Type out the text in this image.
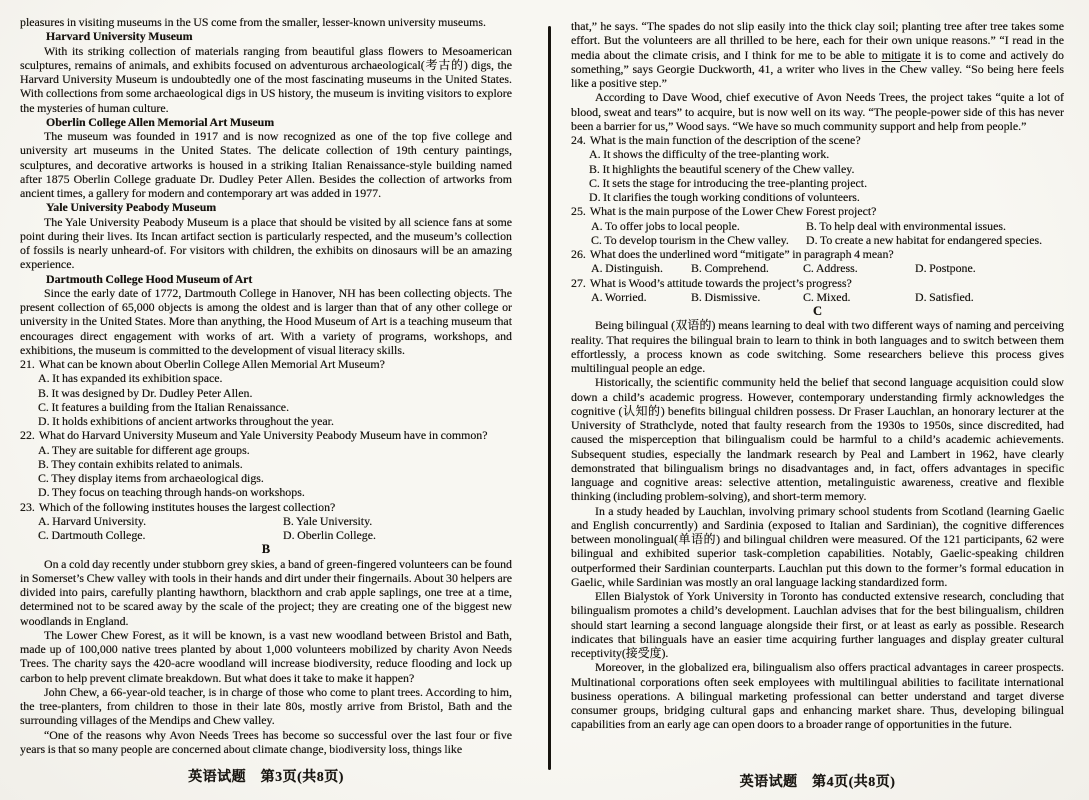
pleasures in visiting museums in the US come from the smaller, lesser-known university museums.

Harvard University Museum

With its striking collection of materials ranging from beautiful glass flowers to Mesoamerican sculptures, remains of animals, and exhibits focused on adventurous archaeological(考古的) digs, the Harvard University Museum is undoubtedly one of the most fascinating museums in the United States. With collections from some archaeological digs in US history, the museum is inviting visitors to explore the mysteries of human culture.

Oberlin College Allen Memorial Art Museum

The museum was founded in 1917 and is now recognized as one of the top five college and university art museums in the United States. The delicate collection of 19th century paintings, sculptures, and decorative artworks is housed in a striking Italian Renaissance-style building named after 1875 Oberlin College graduate Dr. Dudley Peter Allen. Besides the collection of artworks from ancient times, a gallery for modern and contemporary art was added in 1977.

Yale University Peabody Museum

The Yale University Peabody Museum is a place that should be visited by all science fans at some point during their lives. Its Incan artifact section is particularly respected, and the museum’s collection of fossils is nearly unheard-of. For visitors with children, the exhibits on dinosaurs will be an amazing experience.

Dartmouth College Hood Museum of Art

Since the early date of 1772, Dartmouth College in Hanover, NH has been collecting objects. The present collection of 65,000 objects is among the oldest and is larger than that of any other college or university in the United States. More than anything, the Hood Museum of Art is a teaching museum that encourages direct engagement with works of art. With a variety of programs, workshops, and exhibitions, the museum is committed to the development of visual literacy skills.

21. What can be known about Oberlin College Allen Memorial Art Museum?
A. It has expanded its exhibition space.
B. It was designed by Dr. Dudley Peter Allen.
C. It features a building from the Italian Renaissance.
D. It holds exhibitions of ancient artworks throughout the year.
22. What do Harvard University Museum and Yale University Peabody Museum have in common?
A. They are suitable for different age groups.
B. They contain exhibits related to animals.
C. They display items from archaeological digs.
D. They focus on teaching through hands-on workshops.
23. Which of the following institutes houses the largest collection?
A. Harvard University.	B. Yale University.
C. Dartmouth College.	D. Oberlin College.
B

On a cold day recently under stubborn grey skies, a band of green-fingered volunteers can be found in Somerset’s Chew valley with tools in their hands and dirt under their fingernails. About 30 helpers are divided into pairs, carefully planting hawthorn, blackthorn and crab apple saplings, one tree at a time, determined not to be scared away by the scale of the project; they are creating one of the biggest new woodlands in England.

The Lower Chew Forest, as it will be known, is a vast new woodland between Bristol and Bath, made up of 100,000 native trees planted by about 1,000 volunteers mobilized by charity Avon Needs Trees. The charity says the 420-acre woodland will increase biodiversity, reduce flooding and lock up carbon to help prevent climate breakdown. But what does it take to make it happen?

John Chew, a 66-year-old teacher, is in charge of those who come to plant trees. According to him, the tree-planters, from children to those in their late 80s, mostly arrive from Bristol, Bath and the surrounding villages of the Mendips and Chew valley.

“One of the reasons why Avon Needs Trees has become so successful over the last four or five years is that so many people are concerned about climate change, biodiversity loss, things like

that,” he says. “The spades do not slip easily into the thick clay soil; planting tree after tree takes some effort. But the volunteers are all thrilled to be here, each for their own unique reasons.” “I read in the media about the climate crisis, and I think for me to be able to mitigate it is to come and actively do something,” says Georgie Duckworth, 41, a writer who lives in the Chew valley. “So being here feels like a positive step.”

According to Dave Wood, chief executive of Avon Needs Trees, the project takes “quite a lot of blood, sweat and tears” to acquire, but is now well on its way. “The people-power side of this has never been a barrier for us,” Wood says. “We have so much community support and help from people.”

24. What is the main function of the description of the scene?
A. It shows the difficulty of the tree-planting work.
B. It highlights the beautiful scenery of the Chew valley.
C. It sets the stage for introducing the tree-planting project.
D. It clarifies the tough working conditions of volunteers.
25. What is the main purpose of the Lower Chew Forest project?
A. To offer jobs to local people.	B. To help deal with environmental issues.
C. To develop tourism in the Chew valley.	D. To create a new habitat for endangered species.
26. What does the underlined word “mitigate” in paragraph 4 mean?
A. Distinguish.	B. Comprehend.	C. Address.	D. Postpone.
27. What is Wood’s attitude towards the project’s progress?
A. Worried.	B. Dismissive.	C. Mixed.	D. Satisfied.
C

Being bilingual (双语的) means learning to deal with two different ways of naming and perceiving reality. That requires the bilingual brain to learn to think in both languages and to switch between them effortlessly, a process known as code switching. Some researchers believe this process gives multilingual people an edge.

Historically, the scientific community held the belief that second language acquisition could slow down a child’s academic progress. However, contemporary understanding firmly acknowledges the cognitive (认知的) benefits bilingual children possess. Dr Fraser Lauchlan, an honorary lecturer at the University of Strathclyde, noted that faulty research from the 1930s to 1950s, since discredited, had caused the misperception that bilingualism could be harmful to a child’s academic achievements. Subsequent studies, especially the landmark research by Peal and Lambert in 1962, have clearly demonstrated that bilingualism brings no disadvantages and, in fact, offers advantages in specific language and cognitive areas: selective attention, metalinguistic awareness, creative and flexible thinking (including problem-solving), and short-term memory.

In a study headed by Lauchlan, involving primary school students from Scotland (learning Gaelic and English concurrently) and Sardinia (exposed to Italian and Sardinian), the cognitive differences between monolingual(单语的) and bilingual children were measured. Of the 121 participants, 62 were bilingual and exhibited superior task-completion capabilities. Notably, Gaelic-speaking children outperformed their Sardinian counterparts. Lauchlan put this down to the former’s formal education in Gaelic, while Sardinian was mostly an oral language lacking standardized form.

Ellen Bialystok of York University in Toronto has conducted extensive research, concluding that bilingualism promotes a child’s development. Lauchlan advises that for the best bilingualism, children should start learning a second language alongside their first, or at least as early as possible. Research indicates that bilinguals have an easier time acquiring further languages and display greater cultural receptivity(接受度).

Moreover, in the globalized era, bilingualism also offers practical advantages in career prospects. Multinational corporations often seek employees with multilingual abilities to facilitate international business operations. A bilingual marketing professional can better understand and target diverse consumer groups, bridging cultural gaps and enhancing market share. Thus, developing bilingual capabilities from an early age can open doors to a broader range of opportunities in the future.

英语试题　第3页(共8页)	英语试题　第4页(共8页)
